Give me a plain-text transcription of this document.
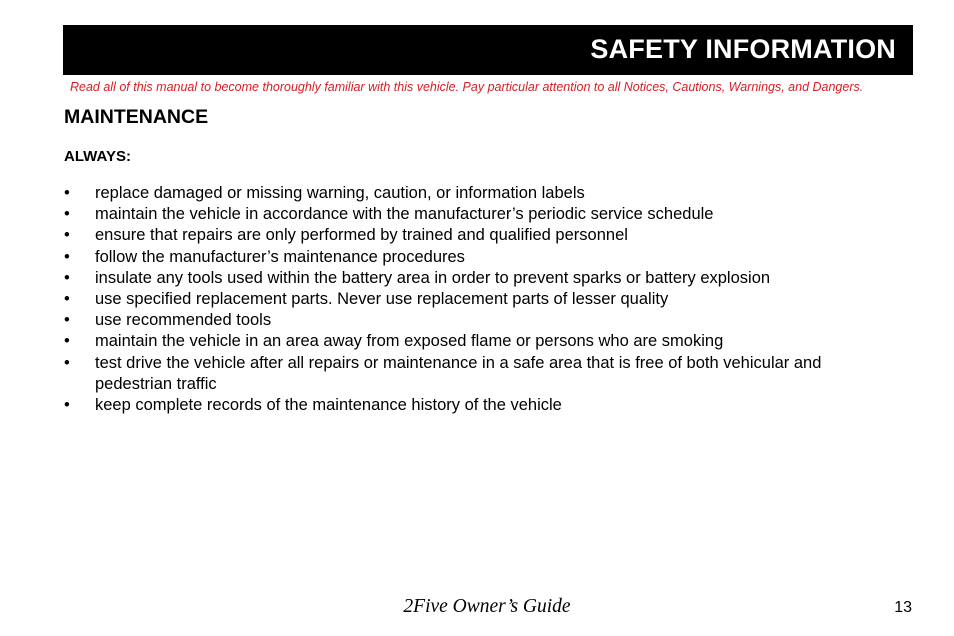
SAFETY INFORMATION
Read all of this manual to become thoroughly familiar with this vehicle. Pay particular attention to all Notices, Cautions, Warnings, and Dangers.
MAINTENANCE
ALWAYS:
• replace damaged or missing warning, caution, or information labels
• maintain the vehicle in accordance with the manufacturer’s periodic service schedule
• ensure that repairs are only performed by trained and qualified personnel
• follow the manufacturer’s maintenance procedures
• insulate any tools used within the battery area in order to prevent sparks or battery explosion
• use specified replacement parts. Never use replacement parts of lesser quality
• use recommended tools
• maintain the vehicle in an area away from exposed flame or persons who are smoking
• test drive the vehicle after all repairs or maintenance in a safe area that is free of both vehicular and pedestrian traffic
• keep complete records of the maintenance history of the vehicle
2Five Owner’s Guide	13
